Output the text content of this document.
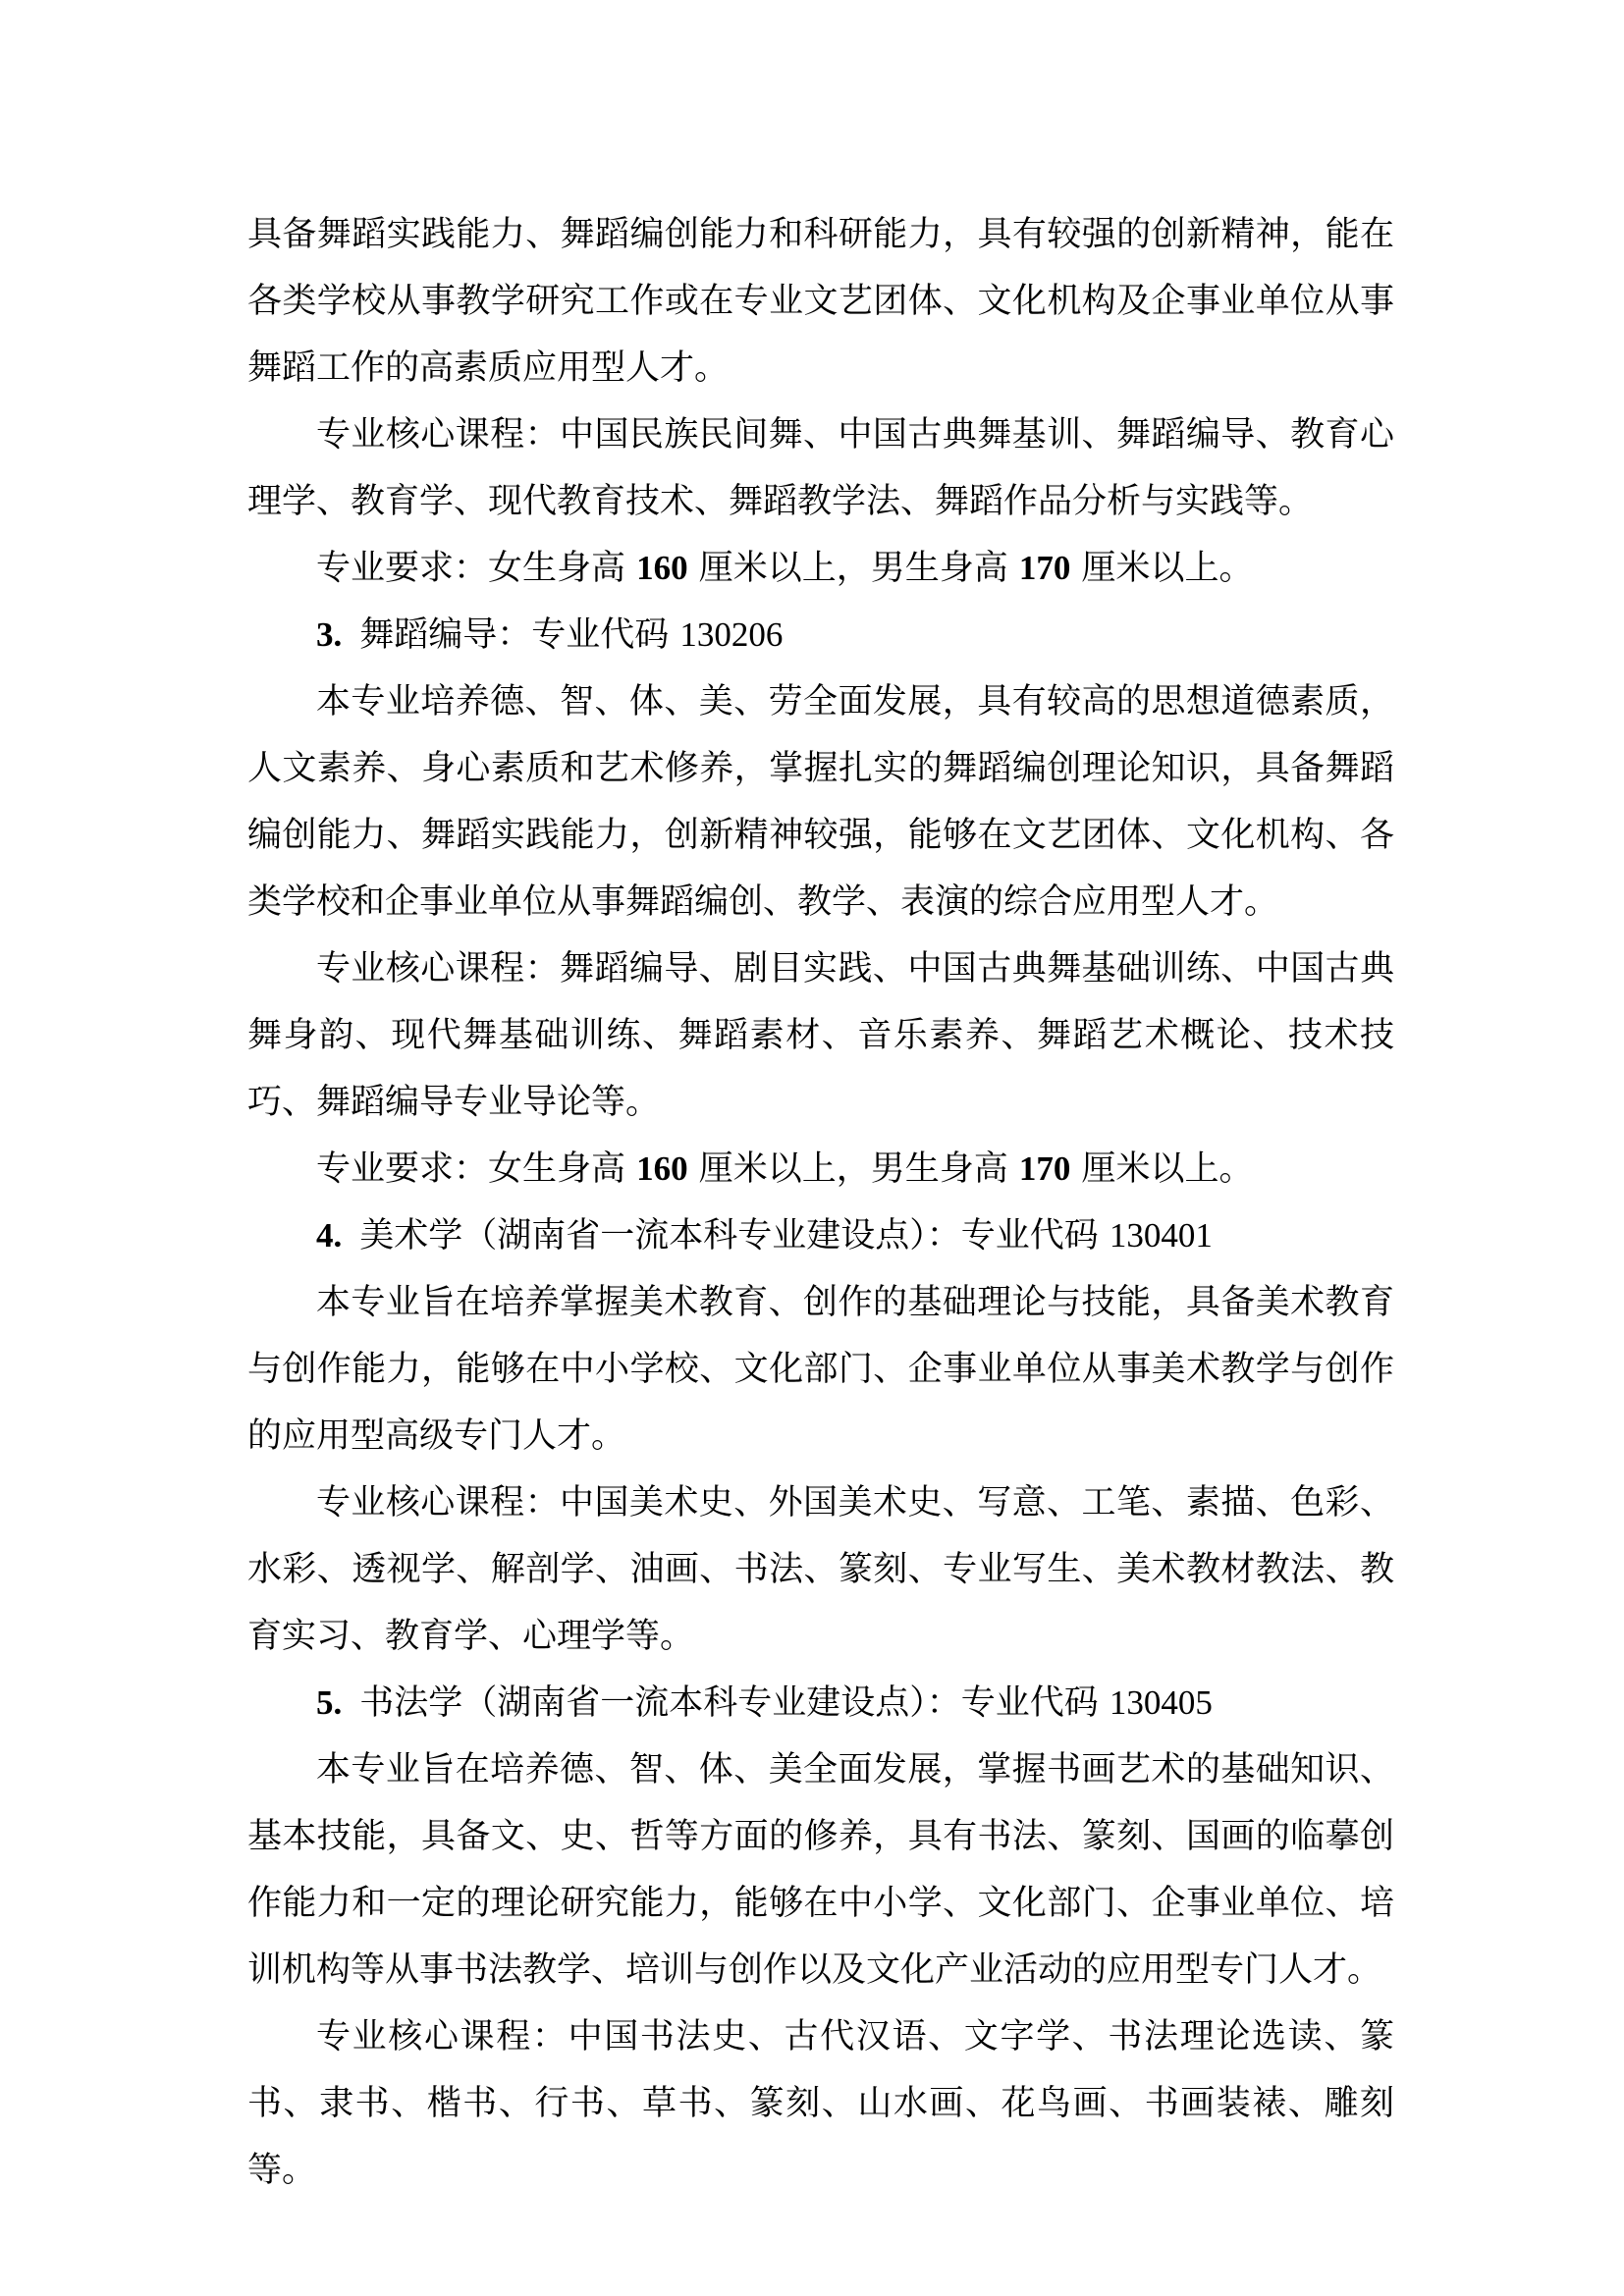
具备舞蹈实践能力、舞蹈编创能力和科研能力，具有较强的创新精神，能在各类学校从事教学研究工作或在专业文艺团体、文化机构及企事业单位从事舞蹈工作的高素质应用型人才。

专业核心课程：中国民族民间舞、中国古典舞基训、舞蹈编导、教育心理学、教育学、现代教育技术、舞蹈教学法、舞蹈作品分析与实践等。

专业要求：女生身高 160 厘米以上，男生身高 170 厘米以上。

3. 舞蹈编导：专业代码 130206

本专业培养德、智、体、美、劳全面发展，具有较高的思想道德素质，人文素养、身心素质和艺术修养，掌握扎实的舞蹈编创理论知识，具备舞蹈编创能力、舞蹈实践能力，创新精神较强，能够在文艺团体、文化机构、各类学校和企事业单位从事舞蹈编创、教学、表演的综合应用型人才。

专业核心课程：舞蹈编导、剧目实践、中国古典舞基础训练、中国古典舞身韵、现代舞基础训练、舞蹈素材、音乐素养、舞蹈艺术概论、技术技巧、舞蹈编导专业导论等。

专业要求：女生身高 160 厘米以上，男生身高 170 厘米以上。

4. 美术学（湖南省一流本科专业建设点）：专业代码 130401

本专业旨在培养掌握美术教育、创作的基础理论与技能，具备美术教育与创作能力，能够在中小学校、文化部门、企事业单位从事美术教学与创作的应用型高级专门人才。

专业核心课程：中国美术史、外国美术史、写意、工笔、素描、色彩、水彩、透视学、解剖学、油画、书法、篆刻、专业写生、美术教材教法、教育实习、教育学、心理学等。

5. 书法学（湖南省一流本科专业建设点）：专业代码 130405

本专业旨在培养德、智、体、美全面发展，掌握书画艺术的基础知识、基本技能，具备文、史、哲等方面的修养，具有书法、篆刻、国画的临摹创作能力和一定的理论研究能力，能够在中小学、文化部门、企事业单位、培训机构等从事书法教学、培训与创作以及文化产业活动的应用型专门人才。

专业核心课程：中国书法史、古代汉语、文字学、书法理论选读、篆书、隶书、楷书、行书、草书、篆刻、山水画、花鸟画、书画装裱、雕刻等。
